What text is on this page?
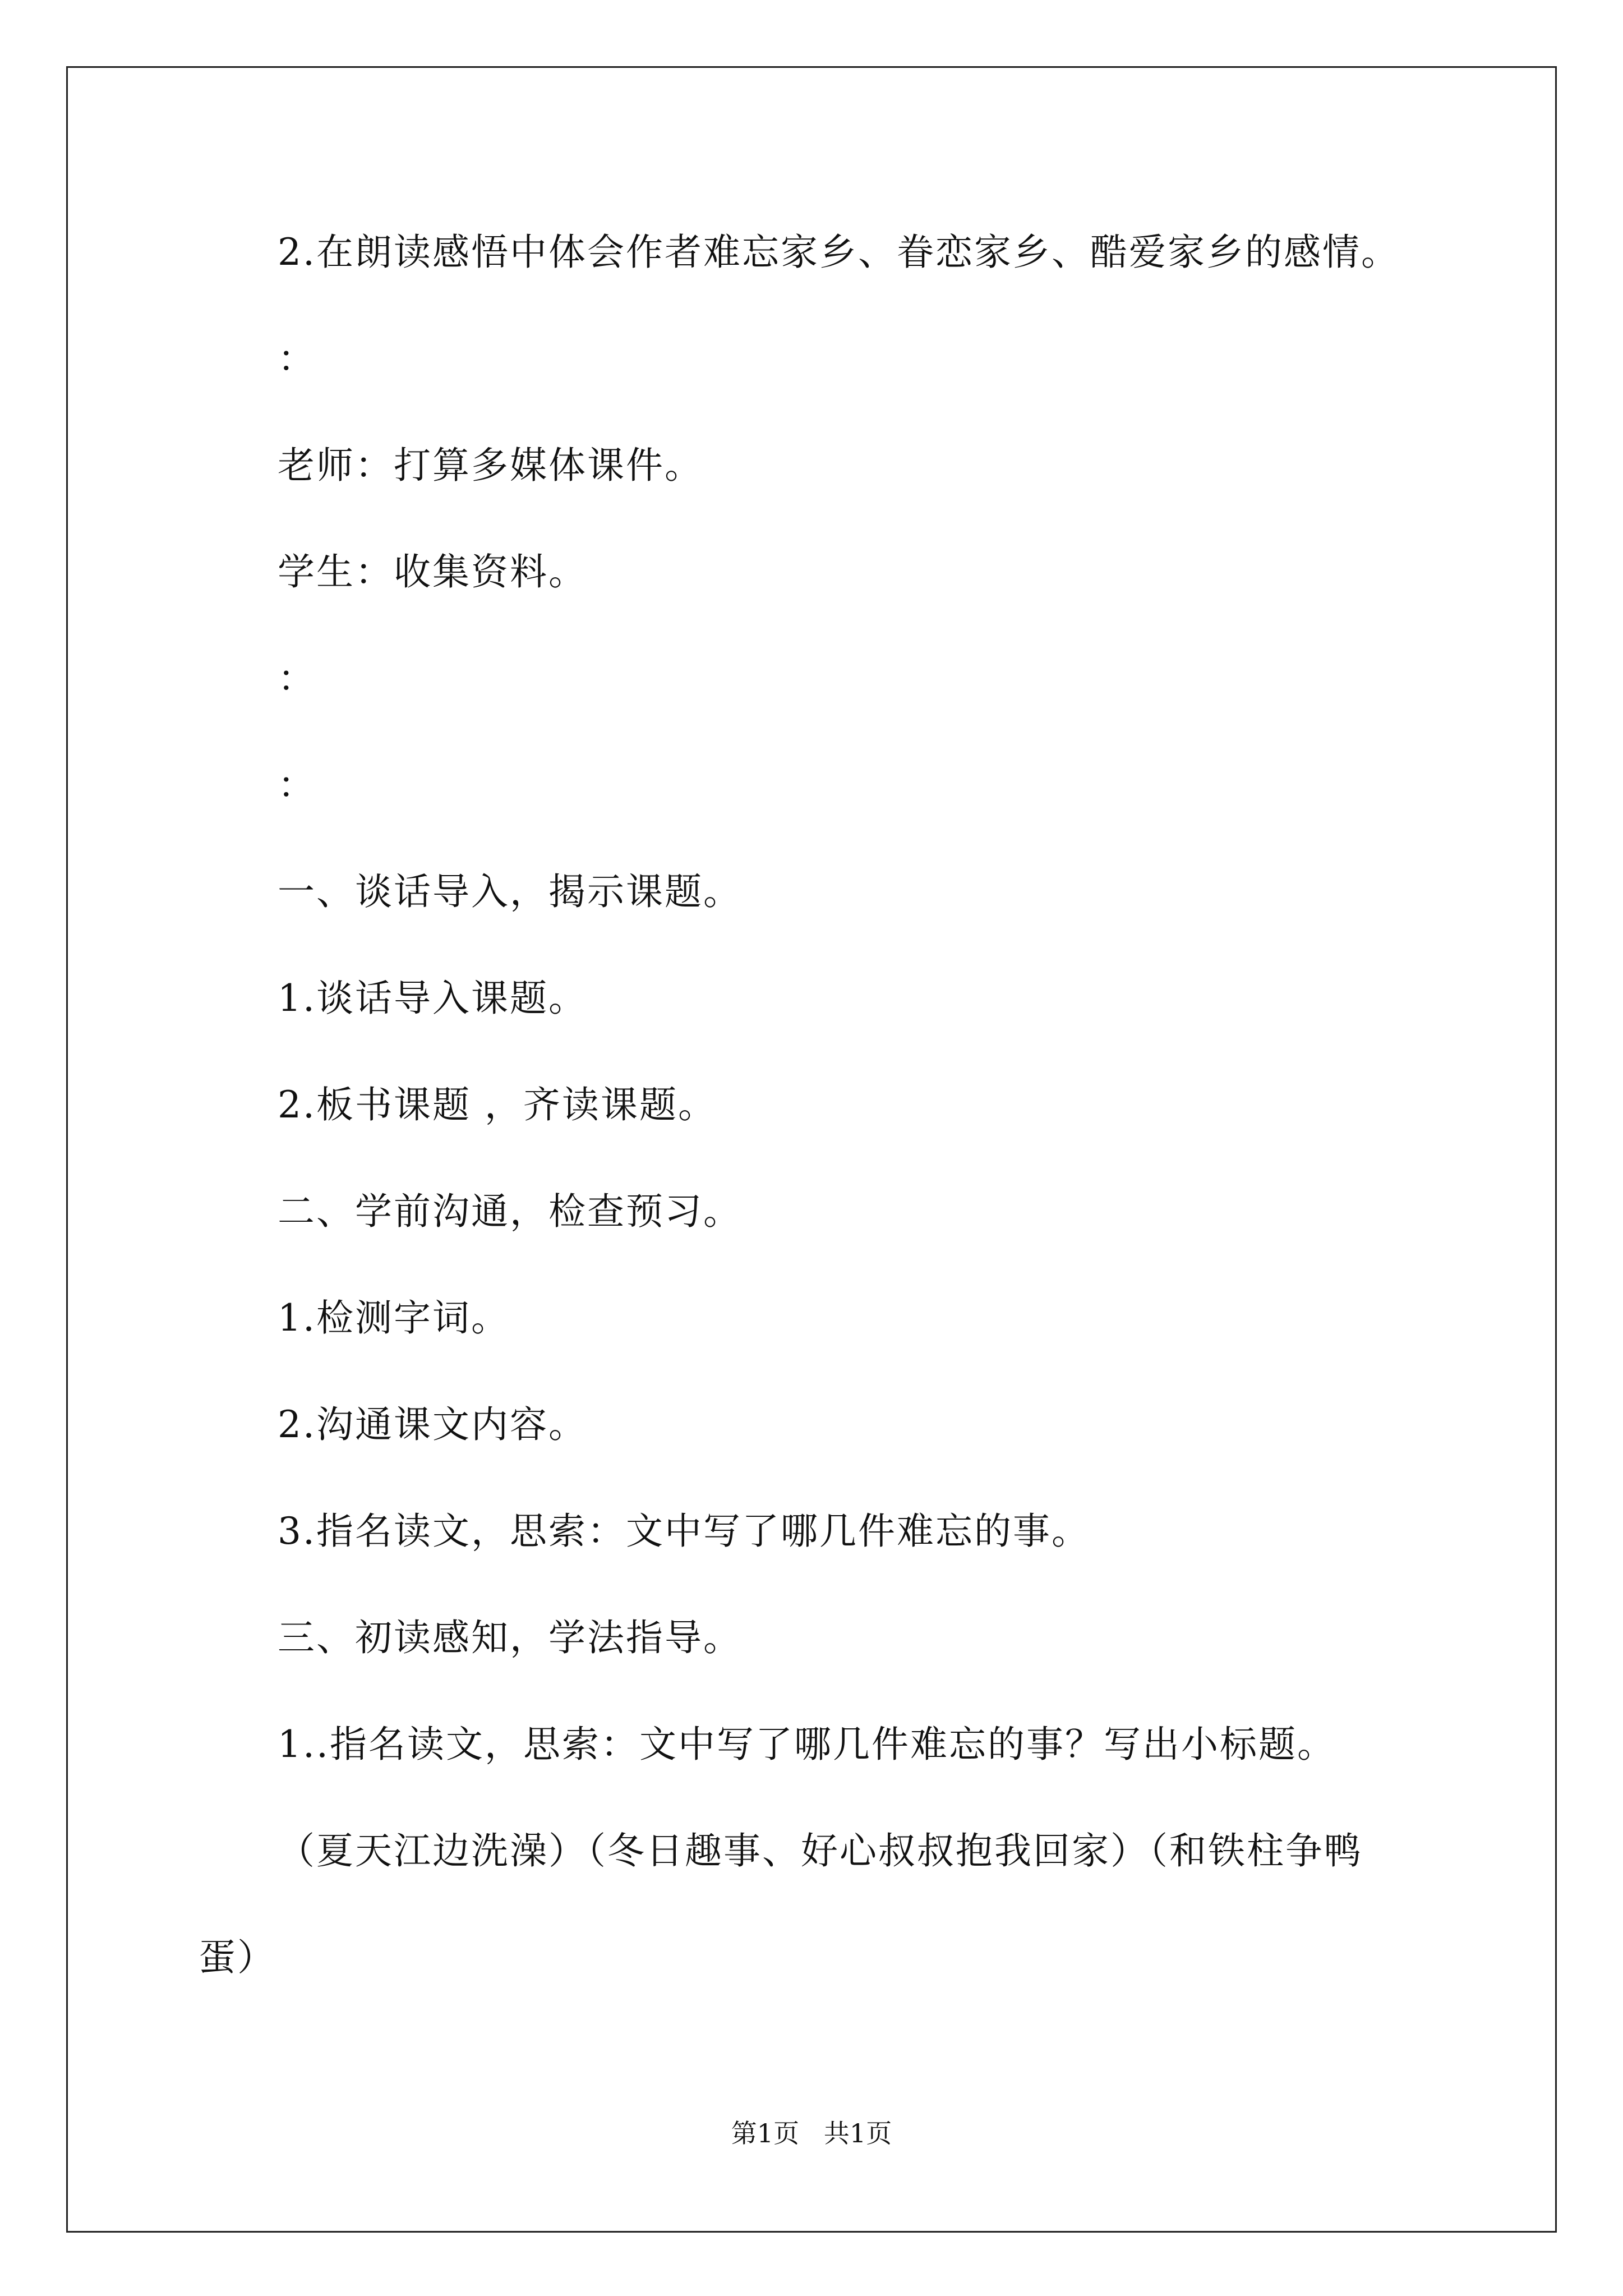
2.在朗读感悟中体会作者难忘家乡、眷恋家乡、酷爱家乡的感情。
：
老师：打算多媒体课件。
学生：收集资料。
：
：
一、谈话导入，揭示课题。
1.谈话导入课题。
2.板书课题 ，齐读课题。
二、学前沟通，检查预习。
1.检测字词。
2.沟通课文内容。
3.指名读文，思索：文中写了哪几件难忘的事。
三、初读感知，学法指导。
1..指名读文，思索：文中写了哪几件难忘的事？写出小标题。
（夏天江边洗澡）（冬日趣事、好心叔叔抱我回家）（和铁柱争鸭
蛋）
第1页   共1页
